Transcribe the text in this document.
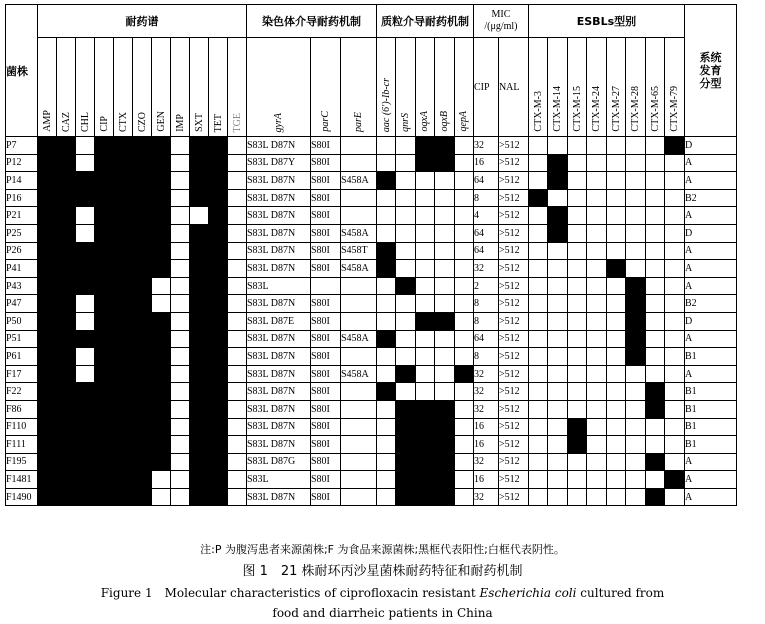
菌株	耐药谱											染色体介导耐药机制			质粒介导耐药机制					MIC
/(μg/ml)		ESBLs型别								系统发育分型
	AMP	CAZ	CHL	CIP	CTX	CZO	GEN	IMP	SXT	TET	TGE	gyrA	parC	parE	aac (6′)-Ib-cr	qnrS	oqxA	oqxB	qepA	CIP	NAL	CTX-M-3	CTX-M-14	CTX-M-15	CTX-M-24	CTX-M-27	CTX-M-28	CTX-M-65	CTX-M-79	
P7												S83L D87N	S80I							32	>512									D
P12												S83L D87Y	S80I							16	>512									A
P14												S83L D87N	S80I	S458A						64	>512									A
P16												S83L D87N	S80I							8	>512									B2
P21												S83L D87N	S80I							4	>512									A
P25												S83L D87N	S80I	S458A						64	>512									D
P26												S83L D87N	S80I	S458T						64	>512									A
P41												S83L D87N	S80I	S458A						32	>512									A
P43												S83L								2	>512									A
P47												S83L D87N	S80I							8	>512									B2
P50												S83L D87E	S80I							8	>512									D
P51												S83L D87N	S80I	S458A						64	>512									A
P61												S83L D87N	S80I							8	>512									B1
F17												S83L D87N	S80I	S458A						32	>512									A
F22												S83L D87N	S80I							32	>512									B1
F86												S83L D87N	S80I							32	>512									B1
F110												S83L D87N	S80I							16	>512									B1
F111												S83L D87N	S80I							16	>512									B1
F195												S83L D87G	S80I							32	>512									A
F1481												S83L	S80I							16	>512									A
F1490												S83L D87N	S80I							32	>512									A
注:P 为腹泻患者来源菌株;F 为食品来源菌株;黑框代表阳性;白框代表阴性。
图 1　21 株耐环丙沙星菌株耐药特征和耐药机制
Figure 1　Molecular characteristics of ciprofloxacin resistant Escherichia coli cultured from
food and diarrheic patients in China
